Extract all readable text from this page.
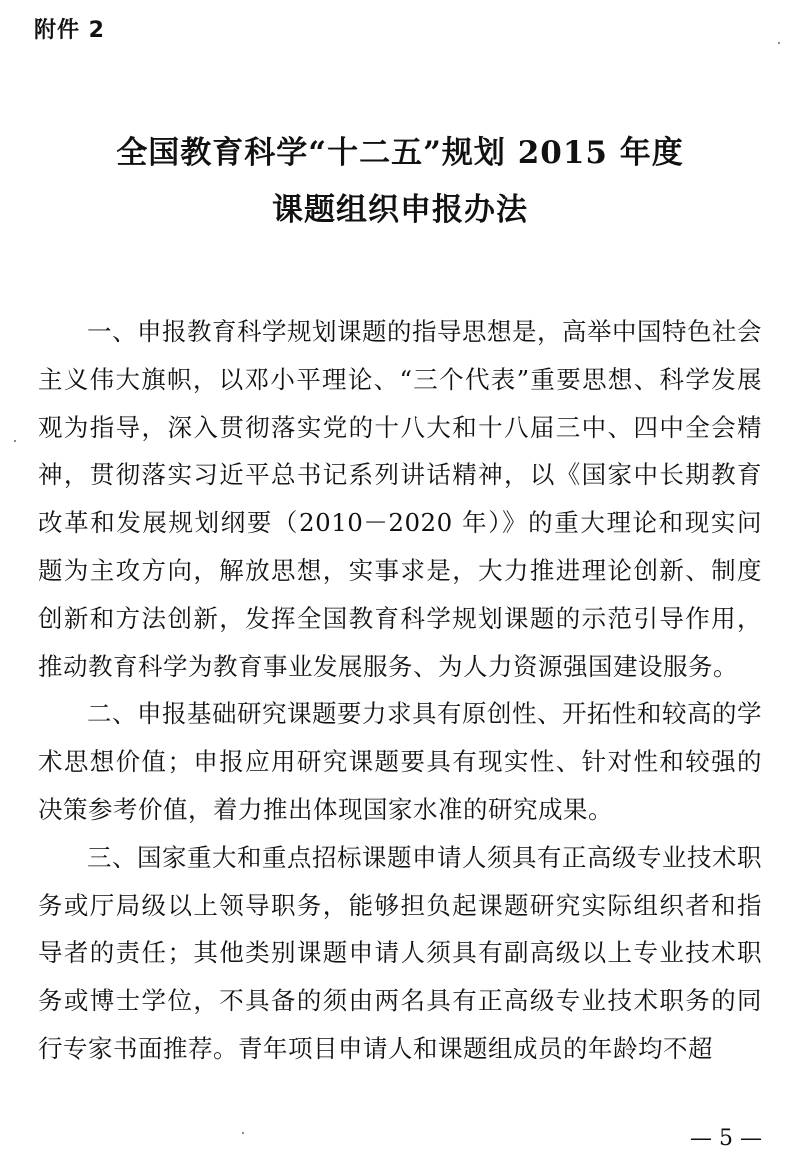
附件 2
全国教育科学“十二五”规划 2015 年度
课题组织申报办法

一、申报教育科学规划课题的指导思想是，高举中国特色社会主义伟大旗帜，以邓小平理论、“三个代表”重要思想、科学发展观为指导，深入贯彻落实党的十八大和十八届三中、四中全会精神，贯彻落实习近平总书记系列讲话精神，以《国家中长期教育改革和发展规划纲要（2010－2020 年）》的重大理论和现实问题为主攻方向，解放思想，实事求是，大力推进理论创新、制度创新和方法创新，发挥全国教育科学规划课题的示范引导作用，推动教育科学为教育事业发展服务、为人力资源强国建设服务。

二、申报基础研究课题要力求具有原创性、开拓性和较高的学术思想价值；申报应用研究课题要具有现实性、针对性和较强的决策参考价值，着力推出体现国家水准的研究成果。

三、国家重大和重点招标课题申请人须具有正高级专业技术职务或厅局级以上领导职务，能够担负起课题研究实际组织者和指导者的责任；其他类别课题申请人须具有副高级以上专业技术职务或博士学位，不具备的须由两名具有正高级专业技术职务的同行专家书面推荐。青年项目申请人和课题组成员的年龄均不超

— 5 —
